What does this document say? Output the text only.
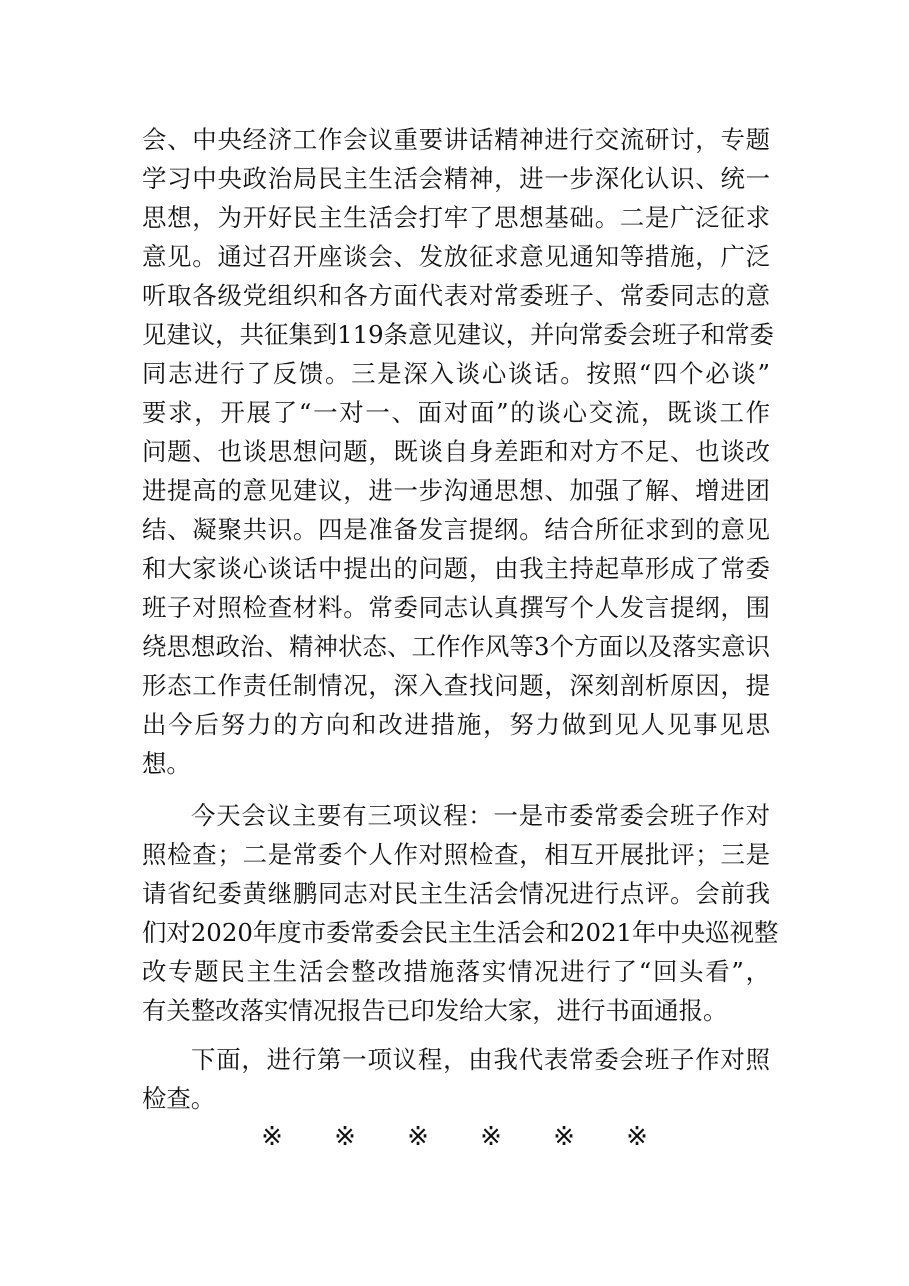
会、中央经济工作会议重要讲话精神进行交流研讨，专题
学习中央政治局民主生活会精神，进一步深化认识、统一
思想，为开好民主生活会打牢了思想基础。二是广泛征求
意见。通过召开座谈会、发放征求意见通知等措施，广泛
听取各级党组织和各方面代表对常委班子、常委同志的意
见建议，共征集到119条意见建议，并向常委会班子和常委
同志进行了反馈。三是深入谈心谈话。按照“四个必谈”
要求，开展了“一对一、面对面”的谈心交流，既谈工作
问题、也谈思想问题，既谈自身差距和对方不足、也谈改
进提高的意见建议，进一步沟通思想、加强了解、增进团
结、凝聚共识。四是准备发言提纲。结合所征求到的意见
和大家谈心谈话中提出的问题，由我主持起草形成了常委
班子对照检查材料。常委同志认真撰写个人发言提纲，围
绕思想政治、精神状态、工作作风等3个方面以及落实意识
形态工作责任制情况，深入查找问题，深刻剖析原因，提
出今后努力的方向和改进措施，努力做到见人见事见思
想。
今天会议主要有三项议程：一是市委常委会班子作对
照检查；二是常委个人作对照检查，相互开展批评；三是
请省纪委黄继鹏同志对民主生活会情况进行点评。会前我
们对2020年度市委常委会民主生活会和2021年中央巡视整
改专题民主生活会整改措施落实情况进行了“回头看”，
有关整改落实情况报告已印发给大家，进行书面通报。
下面，进行第一项议程，由我代表常委会班子作对照
检查。
※ ※ ※ ※ ※ ※
